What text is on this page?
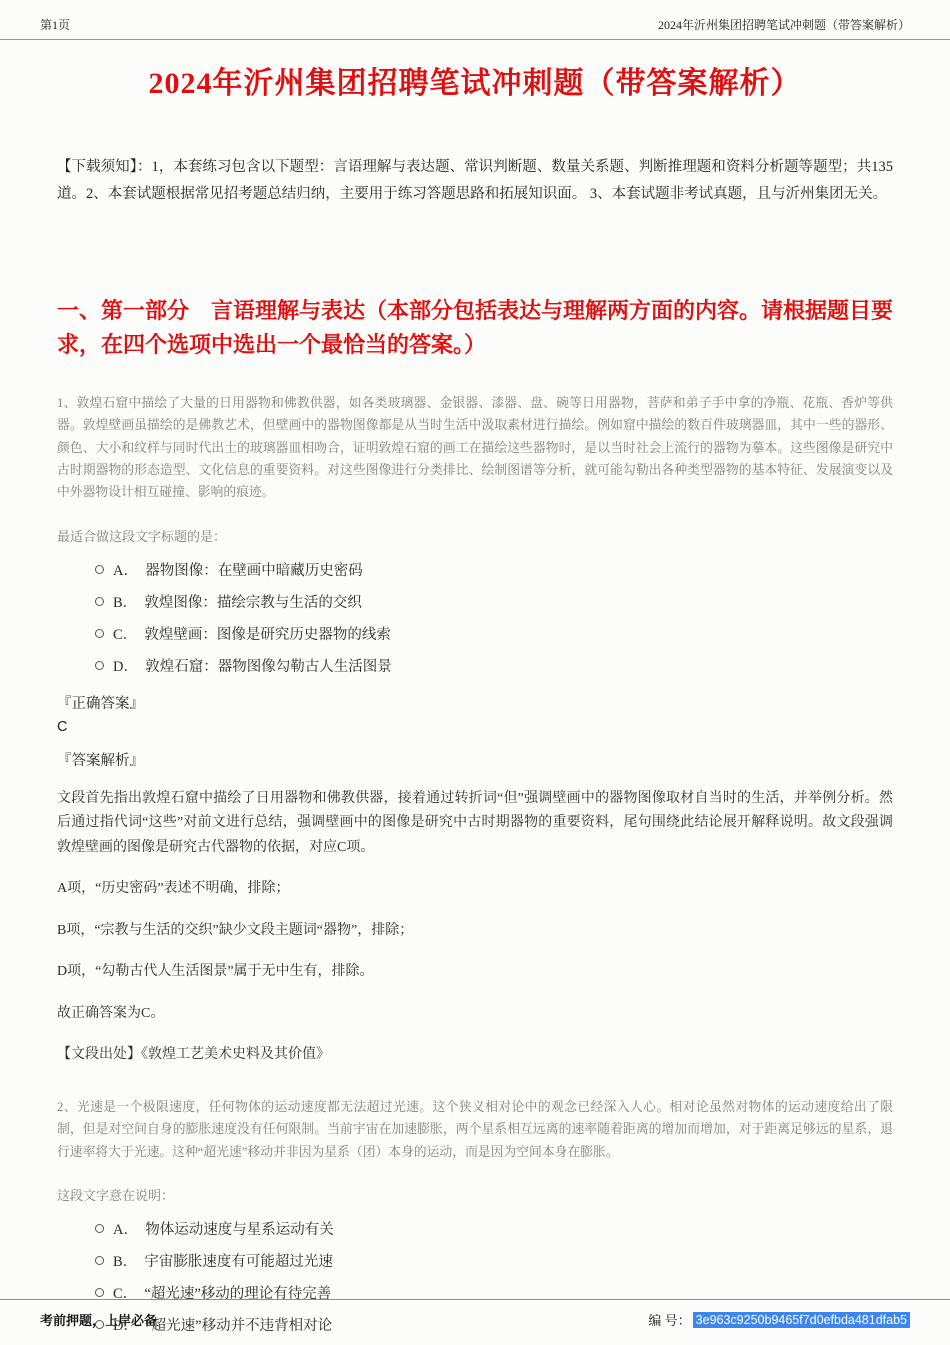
第1页	2024年沂州集团招聘笔试冲刺题（带答案解析）
2024年沂州集团招聘笔试冲刺题（带答案解析）

【下载须知】：1，本套练习包含以下题型：言语理解与表达题、常识判断题、数量关系题、判断推理题和资料分析题等题型；共135道。2、本套试题根据常见招考题总结归纳，主要用于练习答题思路和拓展知识面。 3、本套试题非考试真题，且与沂州集团无关。

一、第一部分　言语理解与表达（本部分包括表达与理解两方面的内容。请根据题目要求，在四个选项中选出一个最恰当的答案。）

1、敦煌石窟中描绘了大量的日用器物和佛教供器，如各类玻璃器、金银器、漆器、盘、碗等日用器物，菩萨和弟子手中拿的净瓶、花瓶、香炉等供器。敦煌壁画虽描绘的是佛教艺术，但壁画中的器物图像都是从当时生活中汲取素材进行描绘。例如窟中描绘的数百件玻璃器皿，其中一些的器形、颜色、大小和纹样与同时代出土的玻璃器皿相吻合，证明敦煌石窟的画工在描绘这些器物时，是以当时社会上流行的器物为摹本。这些图像是研究中古时期器物的形态造型、文化信息的重要资料。对这些图像进行分类排比、绘制图谱等分析，就可能勾勒出各种类型器物的基本特征、发展演变以及中外器物设计相互碰撞、影响的痕迹。

最适合做这段文字标题的是：

A．　器物图像：在壁画中暗藏历史密码
B．　敦煌图像：描绘宗教与生活的交织
C．　敦煌壁画：图像是研究历史器物的线索
D．　敦煌石窟：器物图像勾勒古人生活图景

『正确答案』

C

『答案解析』

文段首先指出敦煌石窟中描绘了日用器物和佛教供器，接着通过转折词“但”强调壁画中的器物图像取材自当时的生活，并举例分析。然后通过指代词“这些”对前文进行总结，强调壁画中的图像是研究中古时期器物的重要资料，尾句围绕此结论展开解释说明。故文段强调敦煌壁画的图像是研究古代器物的依据，对应C项。

A项，“历史密码”表述不明确，排除；

B项，“宗教与生活的交织”缺少文段主题词“器物”，排除；

D项，“勾勒古代人生活图景”属于无中生有，排除。

故正确答案为C。

【文段出处】《敦煌工艺美术史料及其价值》

2、光速是一个极限速度，任何物体的运动速度都无法超过光速。这个狭义相对论中的观念已经深入人心。相对论虽然对物体的运动速度给出了限制，但是对空间自身的膨胀速度没有任何限制。当前宇宙在加速膨胀，两个星系相互远离的速率随着距离的增加而增加，对于距离足够远的星系，退行速率将大于光速。这种“超光速”移动并非因为星系（团）本身的运动，而是因为空间本身在膨胀。

这段文字意在说明：

A．　物体运动速度与星系运动有关
B．　宇宙膨胀速度有可能超过光速
C．　“超光速”移动的理论有待完善
D．　“超光速”移动并不违背相对论

考前押题，上岸必备	编 号： 3e963c9250b9465f7d0efbda481dfab5
